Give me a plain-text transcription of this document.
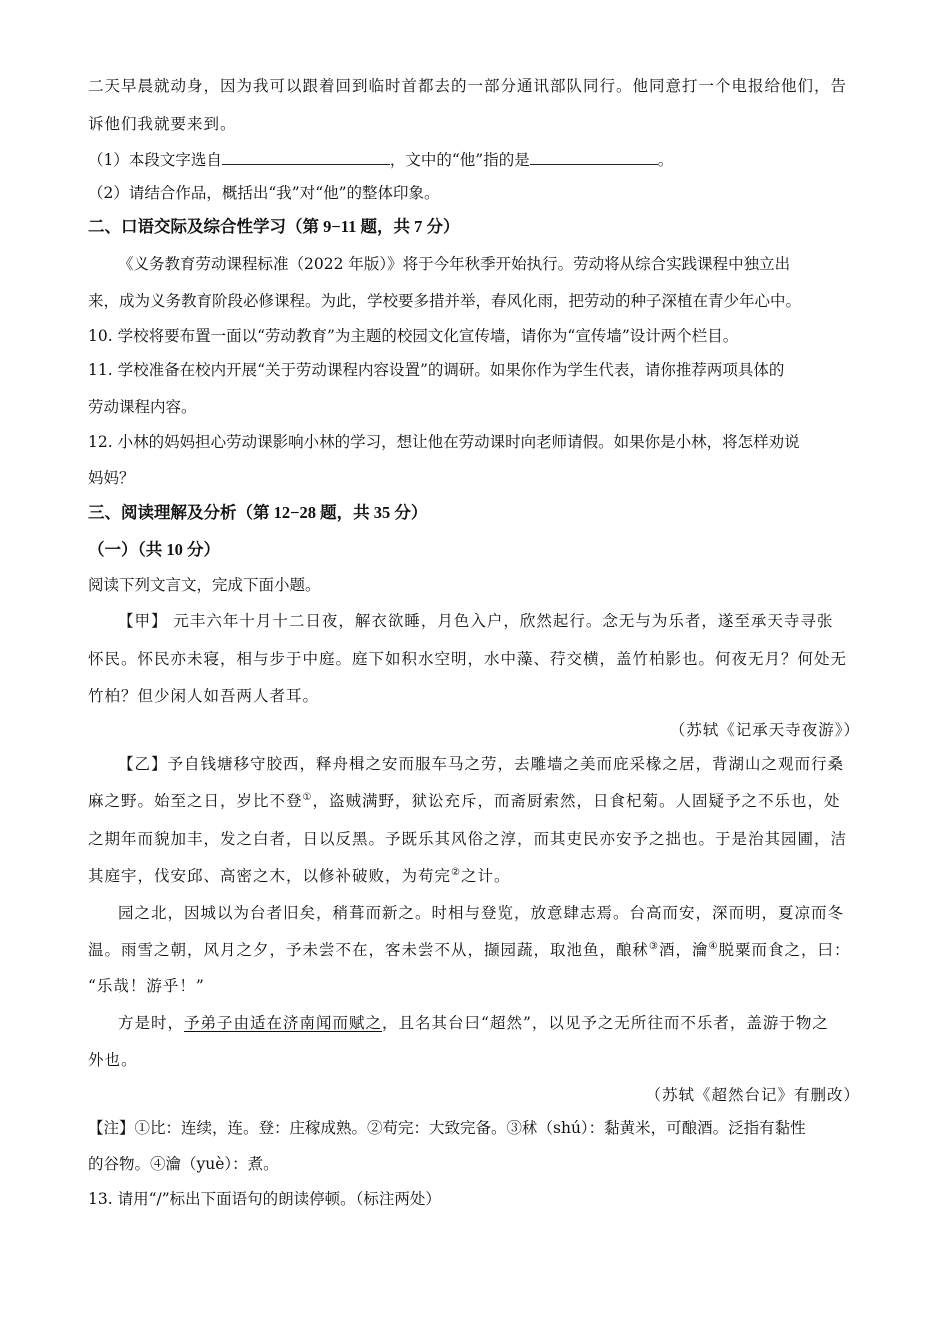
二天早晨就动身，因为我可以跟着回到临时首都去的一部分通讯部队同行。他同意打一个电报给他们，告
诉他们我就要来到。
（1）本段文字选自	，文中的“他”指的是	。
（2）请结合作品，概括出“我”对“他”的整体印象。
二、口语交际及综合性学习（第 9−11 题，共 7 分）
《义务教育劳动课程标准（2022 年版）》将于今年秋季开始执行。劳动将从综合实践课程中独立出
来，成为义务教育阶段必修课程。为此，学校要多措并举，春风化雨，把劳动的种子深植在青少年心中。
10. 学校将要布置一面以“劳动教育”为主题的校园文化宣传墙，请你为“宣传墙”设计两个栏目。
11. 学校准备在校内开展“关于劳动课程内容设置”的调研。如果你作为学生代表，请你推荐两项具体的
劳动课程内容。
12. 小林的妈妈担心劳动课影响小林的学习，想让他在劳动课时向老师请假。如果你是小林，将怎样劝说
妈妈？
三、阅读理解及分析（第 12−28 题，共 35 分）
（一）（共 10 分）
阅读下列文言文，完成下面小题。
【甲】 元丰六年十月十二日夜，解衣欲睡，月色入户，欣然起行。念无与为乐者，遂至承天寺寻张
怀民。怀民亦未寝，相与步于中庭。庭下如积水空明，水中藻、荇交横，盖竹柏影也。何夜无月？何处无
竹柏？但少闲人如吾两人者耳。
（苏轼《记承天寺夜游》）
【乙】予自钱塘移守胶西，释舟楫之安而服车马之劳，去雕墙之美而庇采椽之居，背湖山之观而行桑
麻之野。始至之日，岁比不登①，盗贼满野，狱讼充斥，而斋厨索然，日食杞菊。人固疑予之不乐也，处
之期年而貌加丰，发之白者，日以反黑。予既乐其风俗之淳，而其吏民亦安予之拙也。于是治其园圃，洁
其庭宇，伐安邱、高密之木，以修补破败，为苟完②之计。
园之北，因城以为台者旧矣，稍葺而新之。时相与登览，放意肆志焉。台高而安，深而明，夏凉而冬
温。雨雪之朝，风月之夕，予未尝不在，客未尝不从，撷园蔬，取池鱼，酿秫③酒，瀹④脱粟而食之，曰：
“乐哉！游乎！”
方是时，予弟子由适在济南闻而赋之，且名其台曰“超然”，以见予之无所往而不乐者，盖游于物之
外也。
（苏轼《超然台记》有删改）
【注】①比：连续，连。登：庄稼成熟。②苟完：大致完备。③秫（shú）：黏黄米，可酿酒。泛指有黏性
的谷物。④瀹（yuè）：煮。
13. 请用“/”标出下面语句的朗读停顿。（标注两处）
